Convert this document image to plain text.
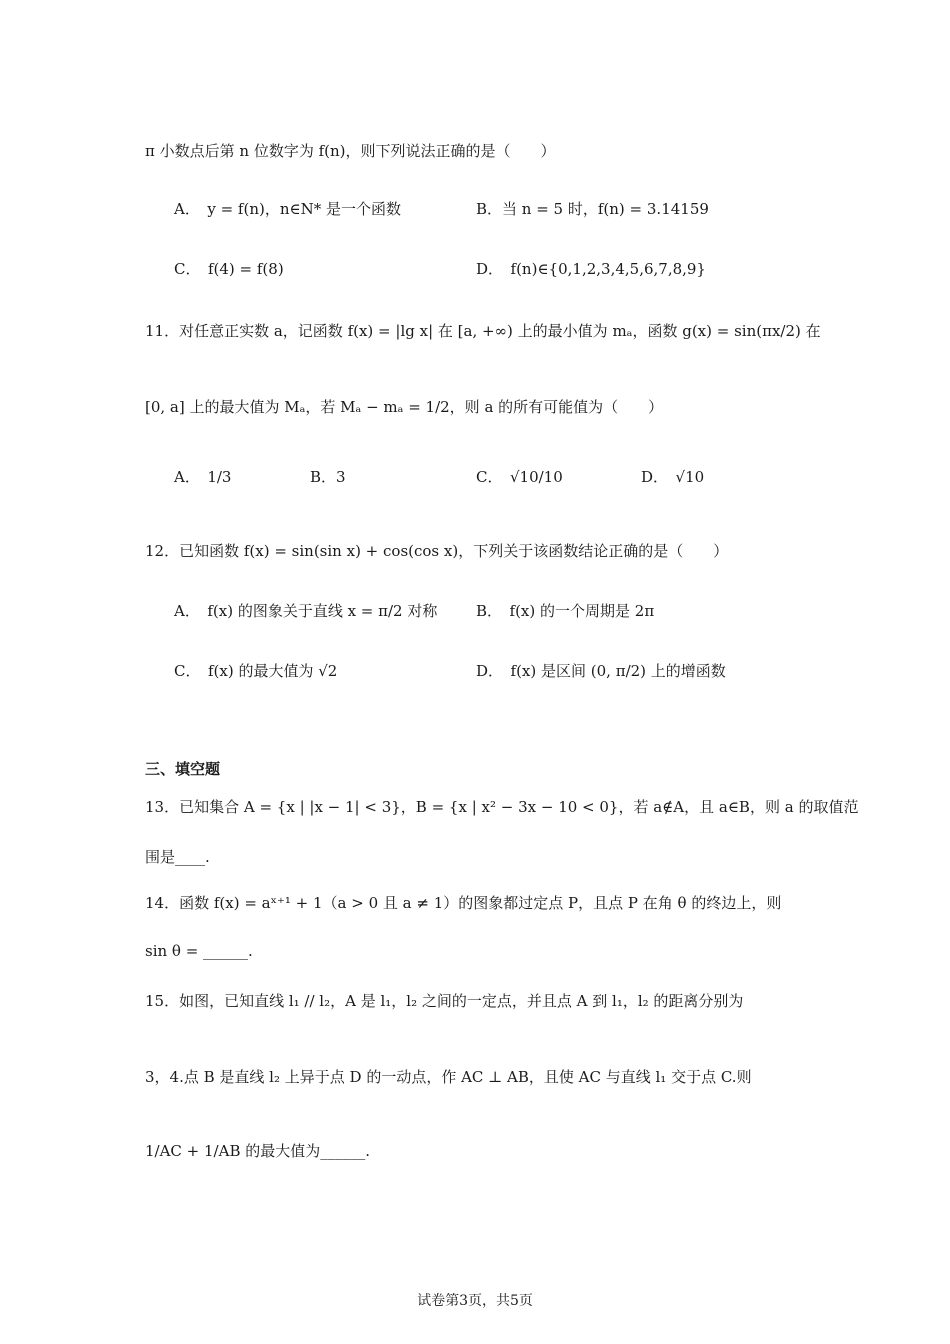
π 小数点后第 n 位数字为 f(n)，则下列说法正确的是（　　）
A．　y = f(n)，n∈N* 是一个函数	B．当 n = 5 时，f(n) = 3.14159
C．　f(4) = f(8)	D．　f(n)∈{0,1,2,3,4,5,6,7,8,9}
11．对任意正实数 a，记函数 f(x) = |lg x| 在 [a, +∞) 上的最小值为 mₐ，函数 g(x) = sin(πx/2) 在
[0, a] 上的最大值为 Mₐ，若 Mₐ − mₐ = 1/2，则 a 的所有可能值为（　　）
A．　1/3	B．3	C．　√10/10	D．　√10
12．已知函数 f(x) = sin(sin x) + cos(cos x)，下列关于该函数结论正确的是（　　）
A．　f(x) 的图象关于直线 x = π/2 对称	B．　f(x) 的一个周期是 2π
C．　f(x) 的最大值为 √2	D．　f(x) 是区间 (0, π/2) 上的增函数
三、填空题
13．已知集合 A = {x | |x − 1| < 3}，B = {x | x² − 3x − 10 < 0}，若 a∉A，且 a∈B，则 a 的取值范
围是____.
14．函数 f(x) = aˣ⁺¹ + 1（a > 0 且 a ≠ 1）的图象都过定点 P，且点 P 在角 θ 的终边上，则
sin θ = ______.
15．如图，已知直线 l₁ // l₂，A 是 l₁，l₂ 之间的一定点，并且点 A 到 l₁，l₂ 的距离分别为
3，4.点 B 是直线 l₂ 上异于点 D 的一动点，作 AC ⊥ AB，且使 AC 与直线 l₁ 交于点 C.则
1/AC + 1/AB 的最大值为______.
试卷第3页，共5页
